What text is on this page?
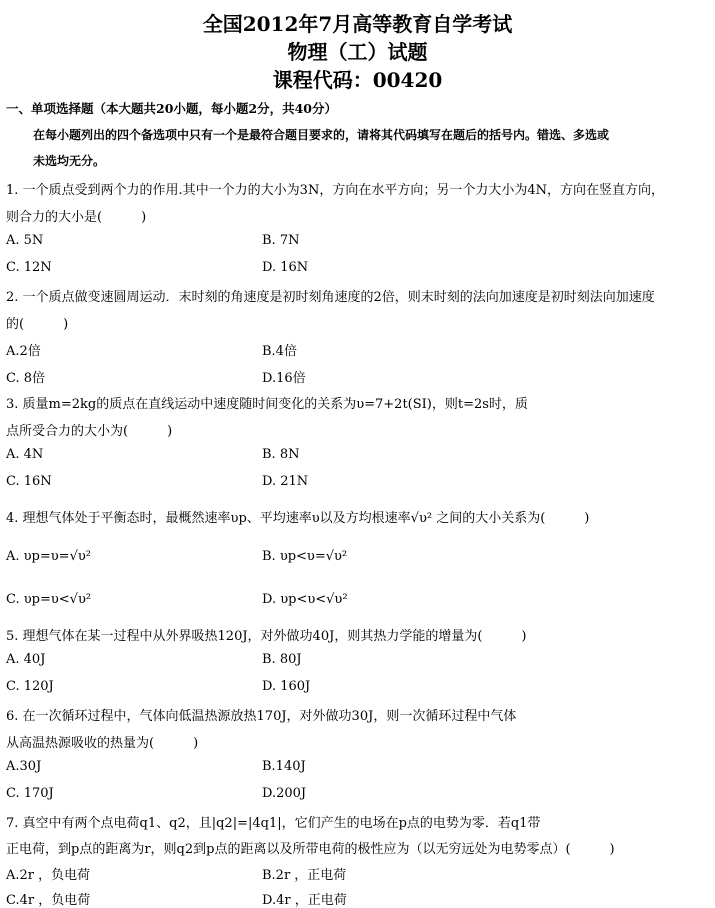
全国2012年7月高等教育自学考试
物理（工）试题
课程代码：00420
一、单项选择题（本大题共20小题，每小题2分，共40分）
在每小题列出的四个备选项中只有一个是最符合题目要求的，请将其代码填写在题后的括号内。错选、多选或
未选均无分。
1. 一个质点受到两个力的作用.其中一个力的大小为3N，方向在水平方向；另一个力大小为4N，方向在竖直方向，
则合力的大小是(　　　)
A. 5N	B. 7N
C. 12N	D. 16N
2. 一个质点做变速圆周运动．末时刻的角速度是初时刻角速度的2倍，则末时刻的法向加速度是初时刻法向加速度
的(　　　)
A.2倍	B.4倍
C. 8倍	D.16倍
3. 质量m=2kg的质点在直线运动中速度随时间变化的关系为υ=7+2t(SI)，则t=2s时，质
点所受合力的大小为(　　　)
A. 4N	B. 8N
C. 16N	D. 21N
4. 理想气体处于平衡态时，最概然速率υp、平均速率υ以及方均根速率√υ² 之间的大小关系为(　　　)
A. υp=υ=√υ²	B. υp<υ=√υ²
C. υp=υ<√υ²	D. υp<υ<√υ²
5. 理想气体在某一过程中从外界吸热120J，对外做功40J，则其热力学能的增量为(　　　)
A. 40J	B. 80J
C. 120J	D. 160J
6. 在一次循环过程中，气体向低温热源放热170J，对外做功30J，则一次循环过程中气体
从高温热源吸收的热量为(　　　)
A.30J	B.140J
C. 170J	D.200J
7. 真空中有两个点电荷q1、q2，且|q2|=|4q1|，它们产生的电场在p点的电势为零．若q1带
正电荷，到p点的距离为r，则q2到p点的距离以及所带电荷的极性应为（以无穷远处为电势零点）(　　　)
A.2r ，负电荷	B.2r ，正电荷
C.4r ，负电荷	D.4r ，正电荷
